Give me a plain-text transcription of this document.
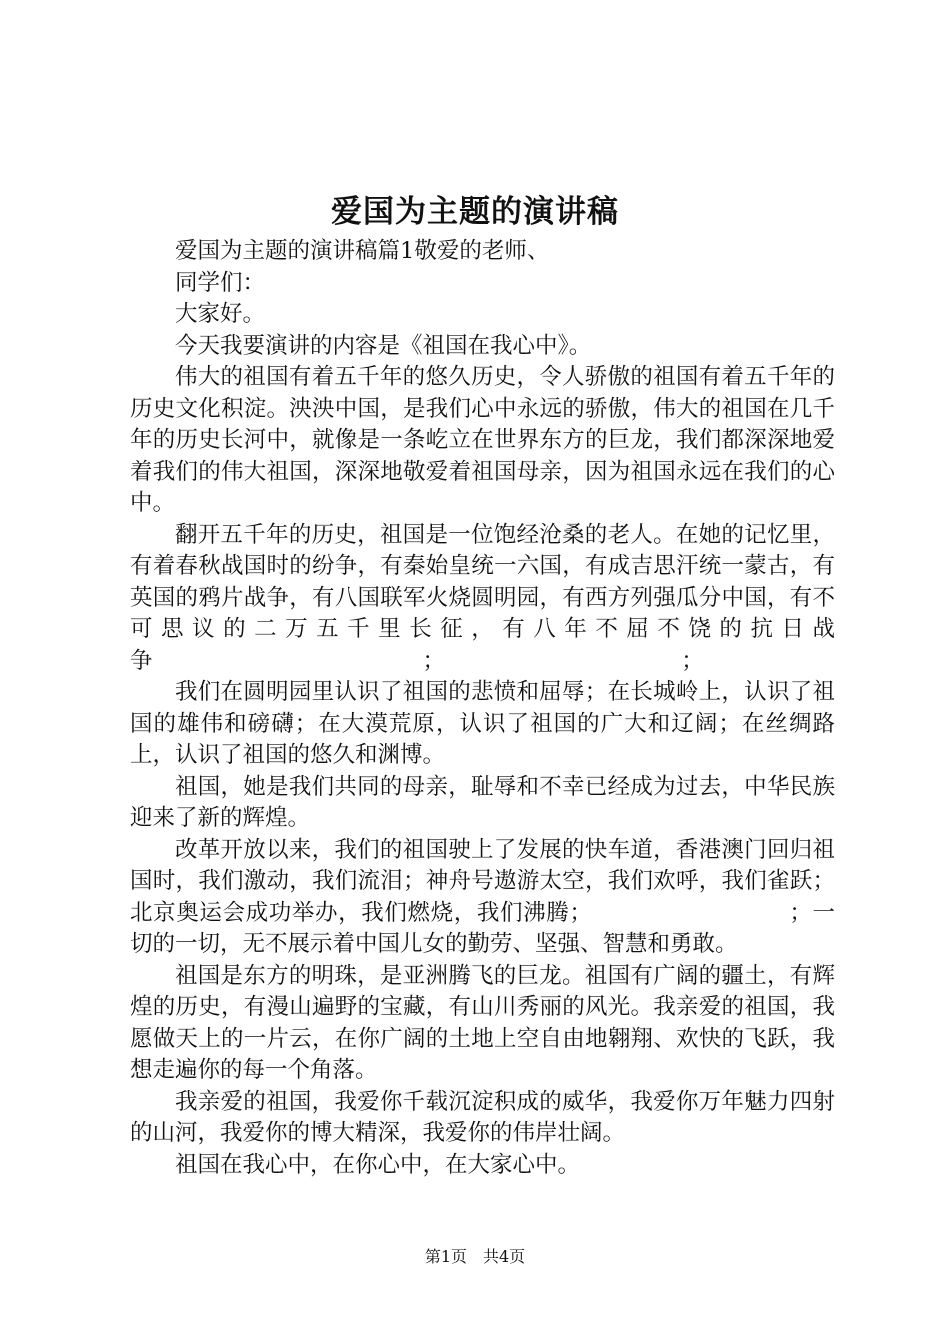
爱国为主题的演讲稿

爱国为主题的演讲稿篇1敬爱的老师、

同学们：

大家好。

今天我要演讲的内容是《祖国在我心中》。

伟大的祖国有着五千年的悠久历史，令人骄傲的祖国有着五千年的历史文化积淀。泱泱中国，是我们心中永远的骄傲，伟大的祖国在几千年的历史长河中，就像是一条屹立在世界东方的巨龙，我们都深深地爱着我们的伟大祖国，深深地敬爱着祖国母亲，因为祖国永远在我们的心中。

翻开五千年的历史，祖国是一位饱经沧桑的老人。在她的记忆里，有着春秋战国时的纷争，有秦始皇统一六国，有成吉思汗统一蒙古，有英国的鸦片战争，有八国联军火烧圆明园，有西方列强瓜分中国，有不可思议的二万五千里长征，有八年不屈不饶的抗日战争　　　　　　　　　　　　；　　　　　　　　　　　；

我们在圆明园里认识了祖国的悲愤和屈辱；在长城岭上，认识了祖国的雄伟和磅礴；在大漠荒原，认识了祖国的广大和辽阔；在丝绸路上，认识了祖国的悠久和渊博。

祖国，她是我们共同的母亲，耻辱和不幸已经成为过去，中华民族迎来了新的辉煌。

改革开放以来，我们的祖国驶上了发展的快车道，香港澳门回归祖国时，我们激动，我们流泪；神舟号遨游太空，我们欢呼，我们雀跃；北京奥运会成功举办，我们燃烧，我们沸腾；　　　　　　　　　；一切的一切，无不展示着中国儿女的勤劳、坚强、智慧和勇敢。

祖国是东方的明珠，是亚洲腾飞的巨龙。祖国有广阔的疆土，有辉煌的历史，有漫山遍野的宝藏，有山川秀丽的风光。我亲爱的祖国，我愿做天上的一片云，在你广阔的土地上空自由地翱翔、欢快的飞跃，我想走遍你的每一个角落。

我亲爱的祖国，我爱你千载沉淀积成的威华，我爱你万年魅力四射的山河，我爱你的博大精深，我爱你的伟岸壮阔。

祖国在我心中，在你心中，在大家心中。

第1页　共4页
